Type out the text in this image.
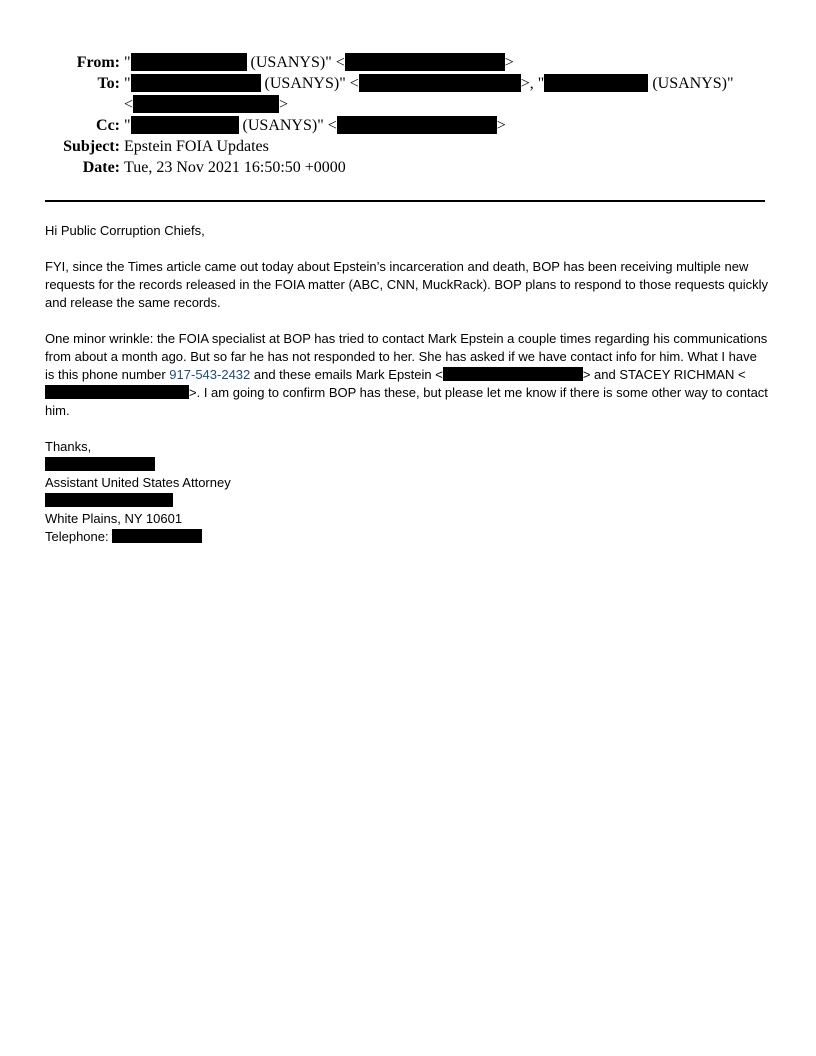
From: "	(USANYS)" <	>
To: "	(USANYS)" <	>, "	(USANYS)"
<	>
Cc: "	(USANYS)" <	>
Subject: Epstein FOIA Updates
Date: Tue, 23 Nov 2021 16:50:50 +0000

Hi Public Corruption Chiefs,

FYI, since the Times article came out today about Epstein’s incarceration and death, BOP has been receiving multiple new requests for the records released in the FOIA matter (ABC, CNN, MuckRack). BOP plans to respond to those requests quickly and release the same records.

One minor wrinkle: the FOIA specialist at BOP has tried to contact Mark Epstein a couple times regarding his communications from about a month ago. But so far he has not responded to her. She has asked if we have contact info for him. What I have is this phone number 917-543-2432 and these emails Mark Epstein <	> and STACEY RICHMAN <>. I am going to confirm BOP has these, but please let me know if there is some other way to contact him.

Thanks,
Assistant United States Attorney
White Plains, NY 10601
Telephone:
